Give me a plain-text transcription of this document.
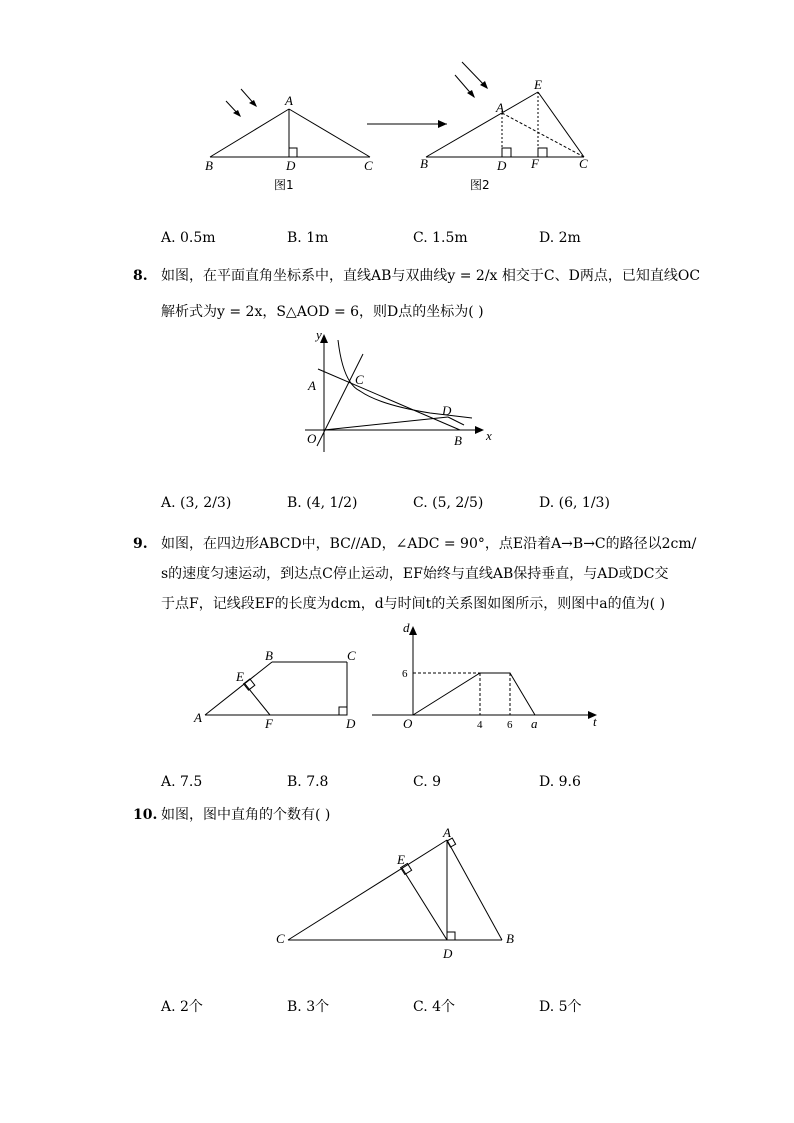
A
B	D	C
图1
A
E
B	D F	C
图2
A. 0.5m	B. 1m	C. 1.5m	D. 2m
8. 如图，在平面直角坐标系中，直线AB与双曲线y = 2/x 相交于C、D两点，已知直线OC
解析式为y = 2x，S△AOD = 6，则D点的坐标为( )
y
x
A	C
D
O	B
A. (3, 2/3)	B. (4, 1/2)	C. (5, 2/5)	D. (6, 1/3)
9. 如图，在四边形ABCD中，BC//AD，∠ADC = 90°，点E沿着A→B→C的路径以2cm/
s的速度匀速运动，到达点C停止运动，EF始终与直线AB保持垂直，与AD或DC交
于点F，记线段EF的长度为dcm，d与时间t的关系图如图所示，则图中a的值为( )
A
B	C
D
E
F
d
t
O
6
4 6 a
A. 7.5	B. 7.8	C. 9	D. 9.6
10. 如图，图中直角的个数有( )
A
B
C
D
E
A. 2个	B. 3个	C. 4个	D. 5个
